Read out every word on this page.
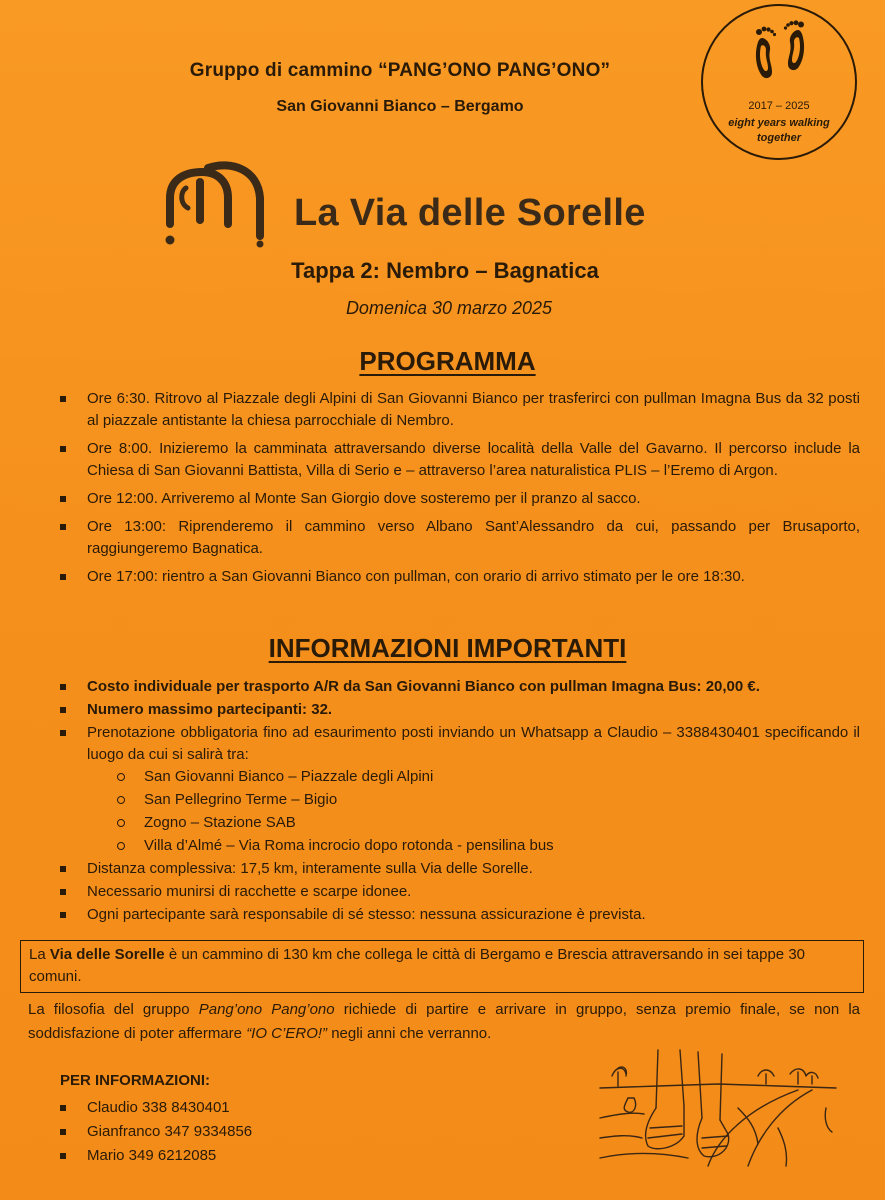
Gruppo di cammino “PANG’ONO PANG’ONO”
San Giovanni Bianco – Bergamo	2017 – 2025
eight years walking together
La Via delle Sorelle
Tappa 2: Nembro – Bagnatica
Domenica 30 marzo 2025
PROGRAMMA
Ore 6:30. Ritrovo al Piazzale degli Alpini di San Giovanni Bianco per trasferirci con pullman Imagna Bus da 32 posti al piazzale antistante la chiesa parrocchiale di Nembro.
Ore 8:00. Inizieremo la camminata attraversando diverse località della Valle del Gavarno. Il percorso include la Chiesa di San Giovanni Battista, Villa di Serio e – attraverso l’area naturalistica PLIS – l’Eremo di Argon.
Ore 12:00. Arriveremo al Monte San Giorgio dove sosteremo per il pranzo al sacco.
Ore 13:00: Riprenderemo il cammino verso Albano Sant’Alessandro da cui, passando per Brusaporto, raggiungeremo Bagnatica.
Ore 17:00: rientro a San Giovanni Bianco con pullman, con orario di arrivo stimato per le ore 18:30.
INFORMAZIONI IMPORTANTI
Costo individuale per trasporto A/R da San Giovanni Bianco con pullman Imagna Bus: 20,00 €.
Numero massimo partecipanti: 32.
Prenotazione obbligatoria fino ad esaurimento posti inviando un Whatsapp a Claudio – 3388430401 specificando il luogo da cui si salirà tra:
San Giovanni Bianco – Piazzale degli Alpini
San Pellegrino Terme – Bigio
Zogno – Stazione SAB
Villa d’Almé – Via Roma incrocio dopo rotonda - pensilina bus
Distanza complessiva: 17,5 km, interamente sulla Via delle Sorelle.
Necessario munirsi di racchette e scarpe idonee.
Ogni partecipante sarà responsabile di sé stesso: nessuna assicurazione è prevista.
La Via delle Sorelle è un cammino di 130 km che collega le città di Bergamo e Brescia attraversando in sei tappe 30 comuni.
La filosofia del gruppo Pang’ono Pang’ono richiede di partire e arrivare in gruppo, senza premio finale, se non la soddisfazione di poter affermare “IO C’ERO!” negli anni che verranno.
PER INFORMAZIONI:
Claudio 338 8430401
Gianfranco 347 9334856
Mario 349 6212085
